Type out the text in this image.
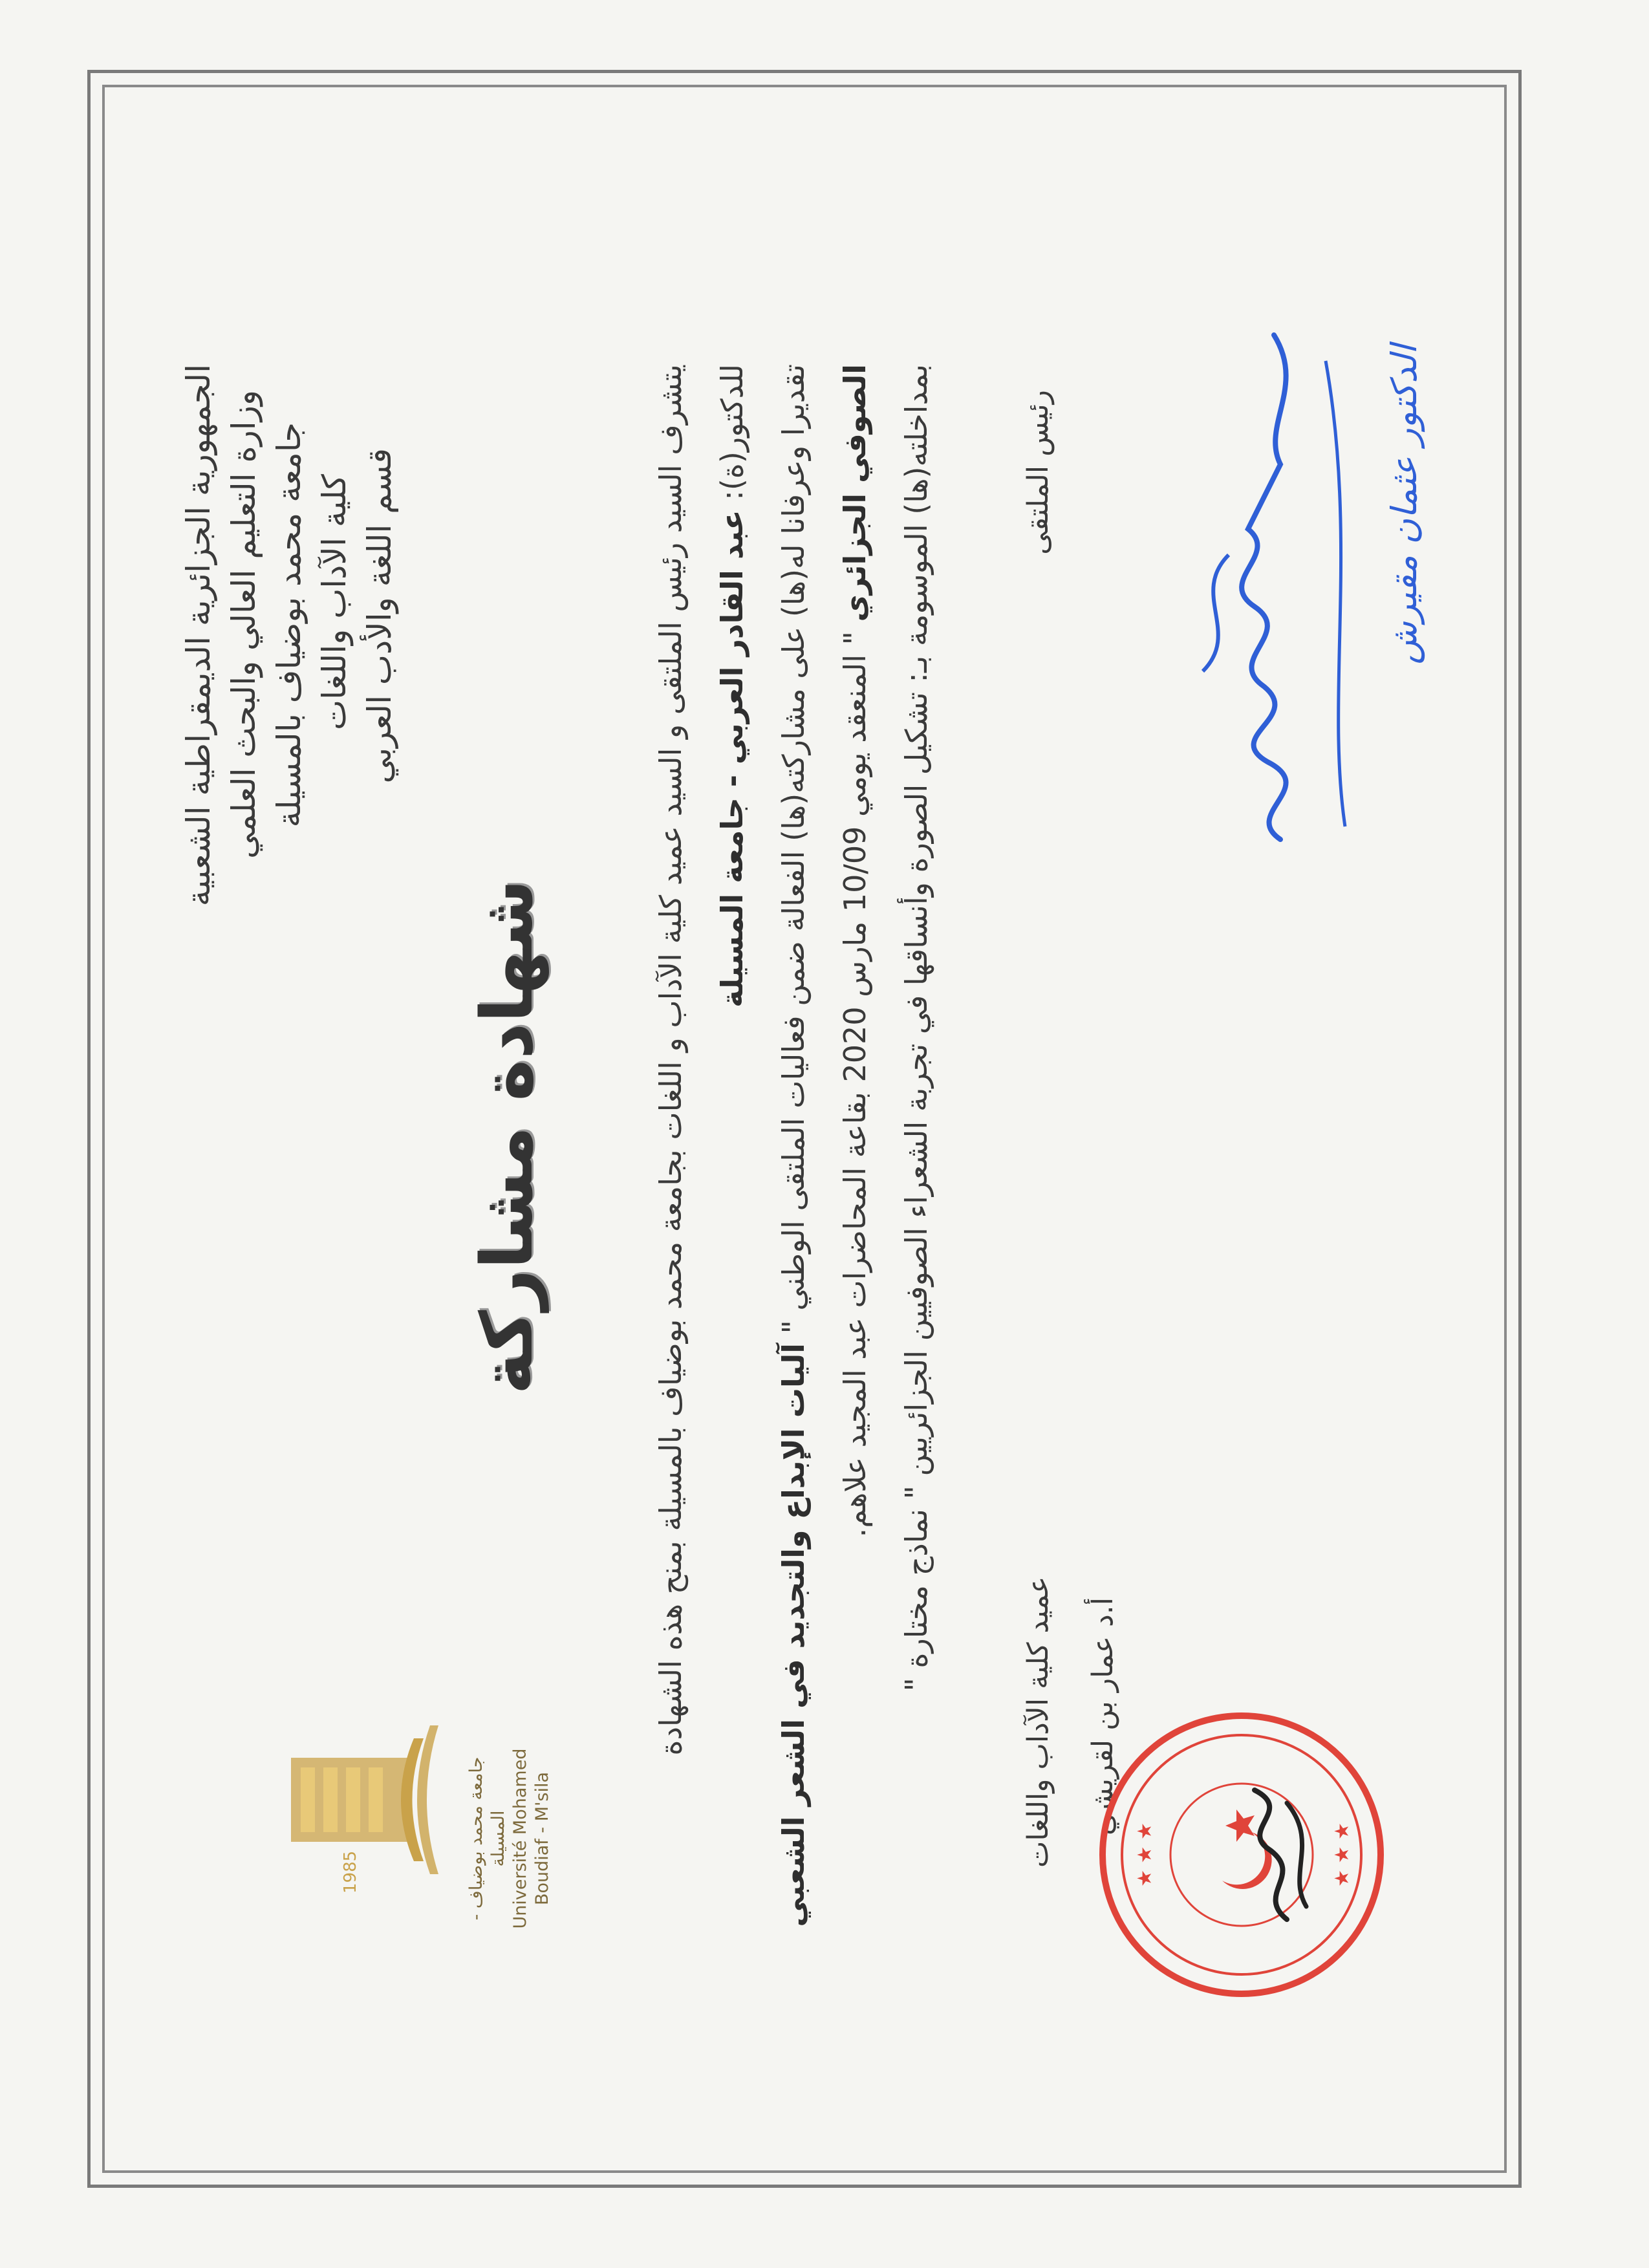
الجمهورية الجزائرية الديمقراطية الشعبية وزارة التعليم العالي والبحث العلمي جامعة محمد بوضياف بالمسيلة كلية الآداب واللغات قسم اللغة والأدب العربي
1985	جامعة محمد بوضياف - المسيلة Université Mohamed Boudiaf - M'sila
شهادة مشاركة	يتشرف السيد رئيس الملتقى و السيد عميد كلية الآداب و اللغات بجامعة محمد بوضياف بالمسيلة بمنح هذه الشهادة للدكتور(ة): عبد القادر العربي - جامعة المسيلة تقديرا وعرفانا له(ها) على مشاركته(ها) الفعالة ضمن فعاليات الملتقى الوطني " آليات الإبداع والتجديد في الشعر الشعبي
الصوفي الجزائري " المنعقد يومي 10/09 مارس 2020 بقاعة المحاضرات عبد المجيد علاهم. بمداخلته(ها) الموسومة بـ: تشكيل الصورة وأنساقها في تجربة الشعراء الصوفيين الجزائريين " نماذج مختارة "	رئيس الملتقى
عميد كلية الآداب واللغات أ.د عمار بن لقريشي
★ ★ ★	★ ★ ★
الدكتور عثمان مقيرش
